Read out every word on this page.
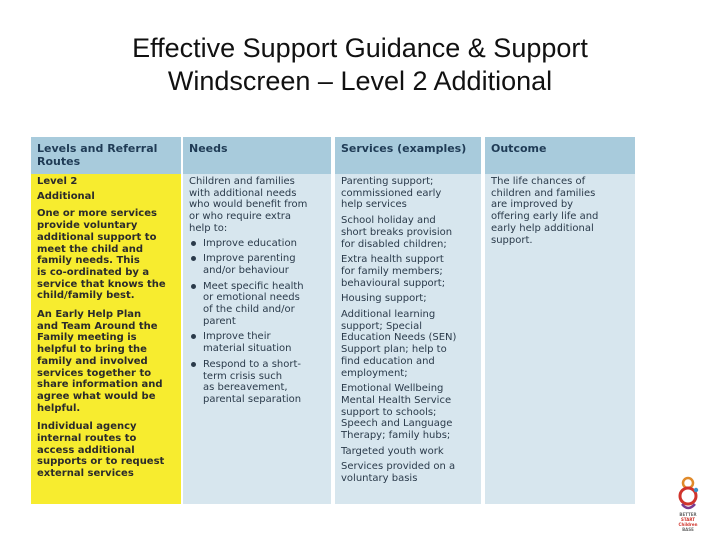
Effective Support Guidance & Support
Windscreen – Level 2 Additional
Levels and Referral
Routes
Level 2
Additional
One or more services
provide voluntary
additional support to
meet the child and
family needs. This
is co-ordinated by a
service that knows the
child/family best.
An Early Help Plan
and Team Around the
Family meeting is
helpful to bring the
family and involved
services together to
share information and
agree what would be
helpful.
Individual agency
internal routes to
access additional
supports or to request
external services
Needs
Children and families
with additional needs
who would benefit from
or who require extra
help to:
Improve education
Improve parenting
and/or behaviour
Meet specific health
or emotional needs
of the child and/or
parent
Improve their
material situation
Respond to a short-
term crisis such
as bereavement,
parental separation
Services (examples)
Parenting support;
commissioned early
help services
School holiday and
short breaks provision
for disabled children;
Extra health support
for family members;
behavioural support;
Housing support;
Additional learning
support; Special
Education Needs (SEN)
Support plan; help to
find education and
employment;
Emotional Wellbeing
Mental Health Service
support to schools;
Speech and Language
Therapy; family hubs;
Targeted youth work
Services provided on a
voluntary basis
Outcome
The life chances of
children and families
are improved by
offering early life and
early help additional
support.
BETTER
START
Children
BASE
